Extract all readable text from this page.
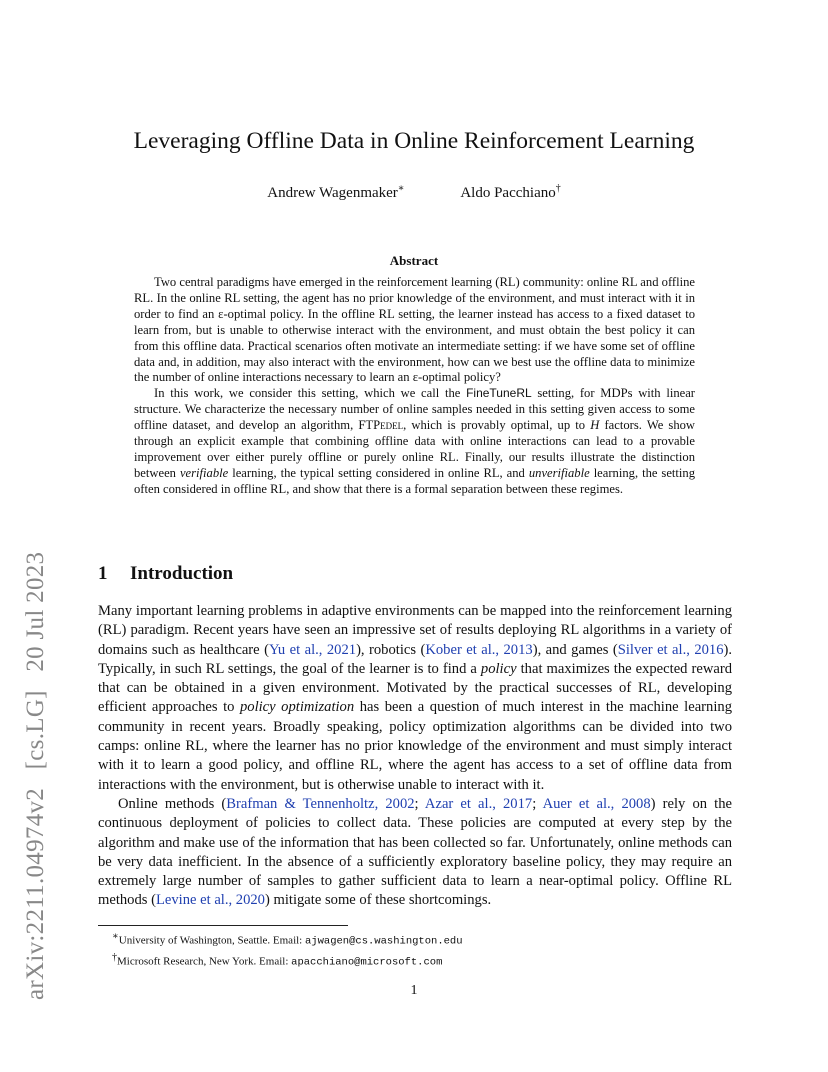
arXiv:2211.04974v2 [cs.LG] 20 Jul 2023
Leveraging Offline Data in Online Reinforcement Learning
Andrew Wagenmaker∗	Aldo Pacchiano†
Abstract

Two central paradigms have emerged in the reinforcement learning (RL) community: online RL and offline RL. In the online RL setting, the agent has no prior knowledge of the environment, and must interact with it in order to find an ε-optimal policy. In the offline RL setting, the learner instead has access to a fixed dataset to learn from, but is unable to otherwise interact with the environment, and must obtain the best policy it can from this offline data. Practical scenarios often motivate an intermediate setting: if we have some set of offline data and, in addition, may also interact with the environment, how can we best use the offline data to minimize the number of online interactions necessary to learn an ε-optimal policy?

In this work, we consider this setting, which we call the FineTuneRL setting, for MDPs with linear structure. We characterize the necessary number of online samples needed in this setting given access to some offline dataset, and develop an algorithm, FTPedel, which is provably optimal, up to H factors. We show through an explicit example that combining offline data with online interactions can lead to a provable improvement over either purely offline or purely online RL. Finally, our results illustrate the distinction between verifiable learning, the typical setting considered in online RL, and unverifiable learning, the setting often considered in offline RL, and show that there is a formal separation between these regimes.

1 Introduction

Many important learning problems in adaptive environments can be mapped into the reinforcement learning (RL) paradigm. Recent years have seen an impressive set of results deploying RL algorithms in a variety of domains such as healthcare (Yu et al., 2021), robotics (Kober et al., 2013), and games (Silver et al., 2016). Typically, in such RL settings, the goal of the learner is to find a policy that maximizes the expected reward that can be obtained in a given environment. Motivated by the practical successes of RL, developing efficient approaches to policy optimization has been a question of much interest in the machine learning community in recent years. Broadly speaking, policy optimization algorithms can be divided into two camps: online RL, where the learner has no prior knowledge of the environment and must simply interact with it to learn a good policy, and offline RL, where the agent has access to a set of offline data from interactions with the environment, but is otherwise unable to interact with it.

Online methods (Brafman & Tennenholtz, 2002; Azar et al., 2017; Auer et al., 2008) rely on the continuous deployment of policies to collect data. These policies are computed at every step by the algorithm and make use of the information that has been collected so far. Unfortunately, online methods can be very data inefficient. In the absence of a sufficiently exploratory baseline policy, they may require an extremely large number of samples to gather sufficient data to learn a near-optimal policy. Offline RL methods (Levine et al., 2020) mitigate some of these shortcomings.

∗University of Washington, Seattle. Email: ajwagen@cs.washington.edu
†Microsoft Research, New York. Email: apacchiano@microsoft.com
1
